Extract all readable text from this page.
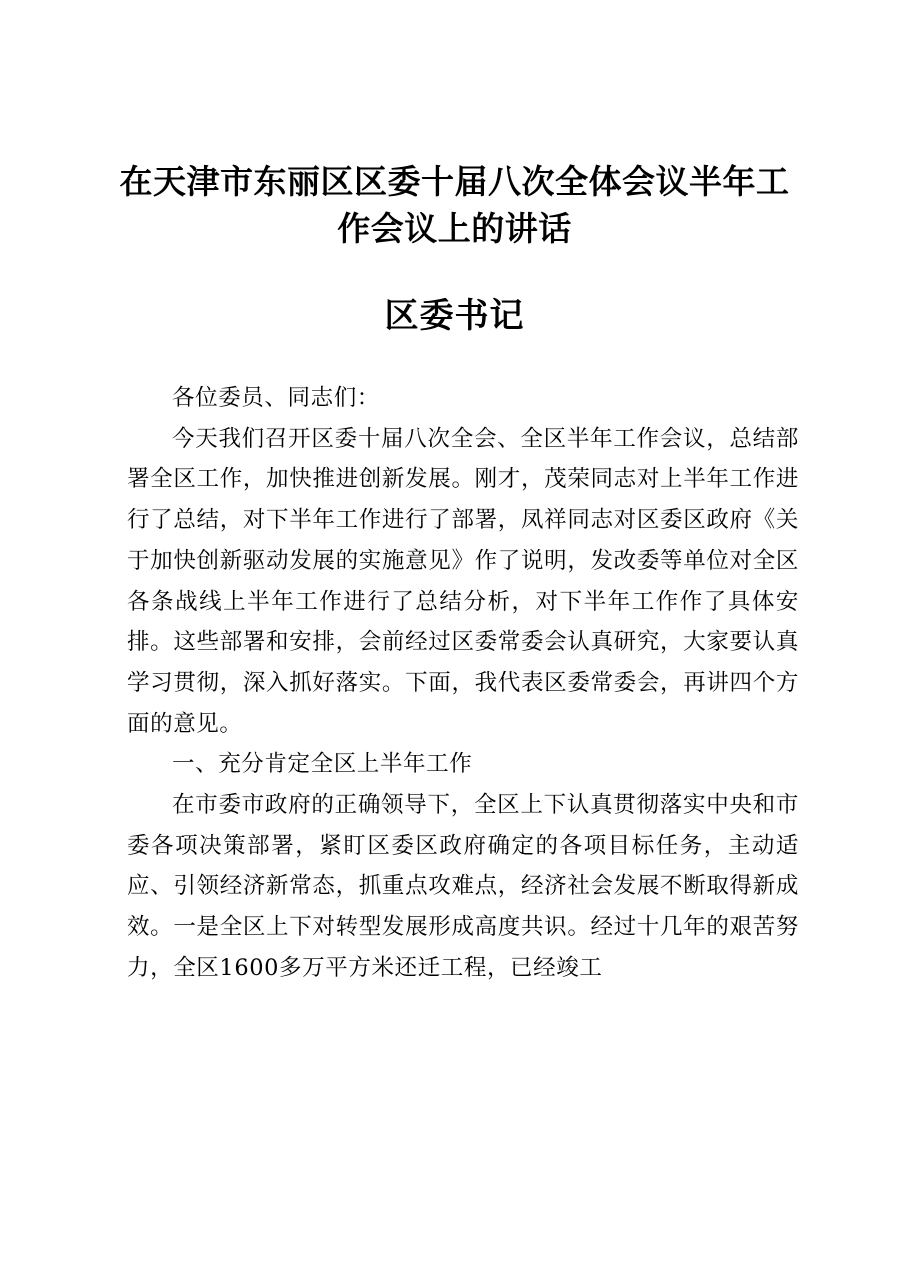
在天津市东丽区区委十届八次全体会议半年工
作会议上的讲话
区委书记

各位委员、同志们：

今天我们召开区委十届八次全会、全区半年工作会议，总结部署全区工作，加快推进创新发展。刚才，茂荣同志对上半年工作进行了总结，对下半年工作进行了部署，凤祥同志对区委区政府《关于加快创新驱动发展的实施意见》作了说明，发改委等单位对全区各条战线上半年工作进行了总结分析，对下半年工作作了具体安排。这些部署和安排，会前经过区委常委会认真研究，大家要认真学习贯彻，深入抓好落实。下面，我代表区委常委会，再讲四个方面的意见。

一、充分肯定全区上半年工作

在市委市政府的正确领导下，全区上下认真贯彻落实中央和市委各项决策部署，紧盯区委区政府确定的各项目标任务，主动适应、引领经济新常态，抓重点攻难点，经济社会发展不断取得新成效。一是全区上下对转型发展形成高度共识。经过十几年的艰苦努力，全区1600多万平方米还迁工程，已经竣工
